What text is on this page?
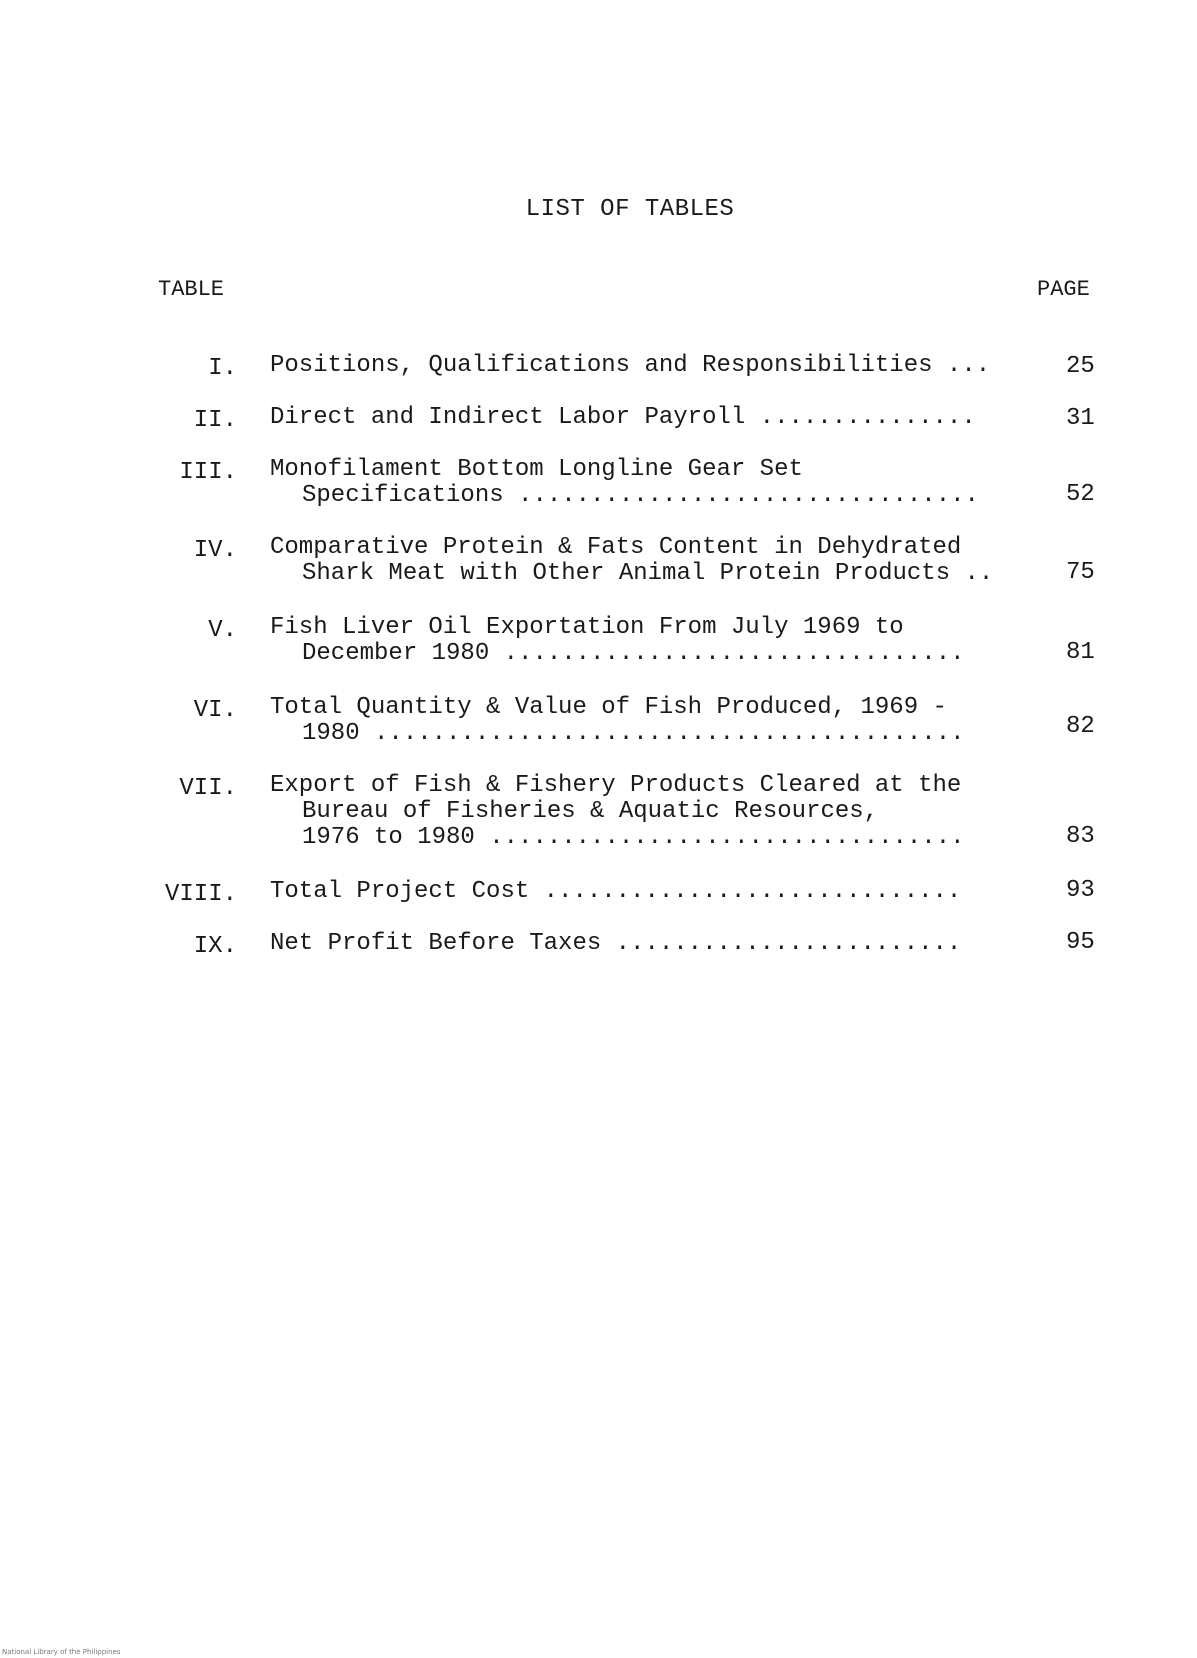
LIST OF TABLES
TABLE	PAGE
I. Positions, Qualifications and Responsibilities ...	25
II. Direct and Indirect Labor Payroll ...............	31
III. Monofilament Bottom Longline Gear Set
Specifications ................................	52
IV. Comparative Protein & Fats Content in Dehydrated
Shark Meat with Other Animal Protein Products ..	75
V. Fish Liver Oil Exportation From July 1969 to
December 1980 ................................	81
VI. Total Quantity & Value of Fish Produced, 1969 -
1980 .........................................	82
VII. Export of Fish & Fishery Products Cleared at the
Bureau of Fisheries & Aquatic Resources,
1976 to 1980 .................................	83
VIII. Total Project Cost .............................	93
IX. Net Profit Before Taxes ........................	95
National Library of the Philippines
